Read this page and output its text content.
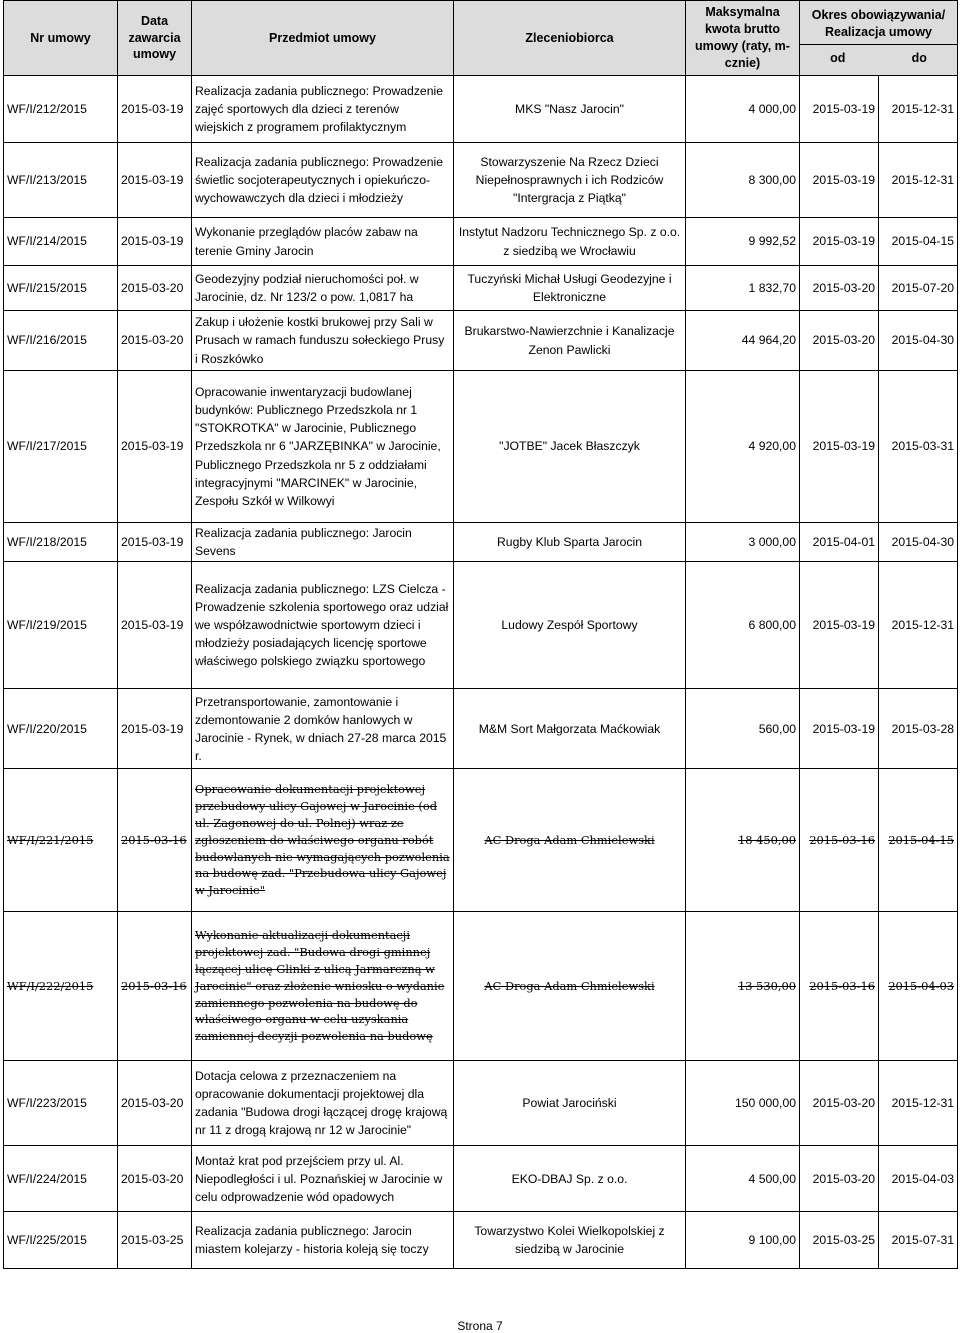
Nr umowy	Data zawarcia umowy	Przedmiot umowy	Zleceniobiorca	Maksymalna kwota brutto umowy (raty, m-cznie)	Okres obowiązywania/ Realizacja umowy
od do	

WF/I/212/2015	2015-03-19	Realizacja zadania publicznego: Prowadzenie zajęć sportowych dla dzieci z terenów wiejskich z programem profilaktycznym	MKS "Nasz Jarocin"	4 000,00	2015-03-19	2015-12-31
WF/I/213/2015	2015-03-19	Realizacja zadania publicznego: Prowadzenie świetlic socjoterapeutycznych i opiekuńczo-wychowawczych dla dzieci i młodzieży	Stowarzyszenie Na Rzecz Dzieci Niepełnosprawnych i ich Rodziców "Intergracja z Piątką"	8 300,00	2015-03-19	2015-12-31
WF/I/214/2015	2015-03-19	Wykonanie przeglądów placów zabaw na terenie Gminy Jarocin	Instytut Nadzoru Technicznego Sp. z o.o. z siedzibą we Wrocławiu	9 992,52	2015-03-19	2015-04-15
WF/I/215/2015	2015-03-20	Geodezyjny podział nieruchomości poł. w Jarocinie, dz. Nr 123/2 o pow. 1,0817 ha	Tuczyński Michał Usługi Geodezyjne i Elektroniczne	1 832,70	2015-03-20	2015-07-20
WF/I/216/2015	2015-03-20	Zakup i ułożenie kostki brukowej przy Sali w Prusach w ramach funduszu sołeckiego Prusy i Roszkówko	Brukarstwo-Nawierzchnie i Kanalizacje Zenon Pawlicki	44 964,20	2015-03-20	2015-04-30
WF/I/217/2015	2015-03-19	Opracowanie inwentaryzacji budowlanej budynków: Publicznego Przedszkola nr 1 "STOKROTKA" w Jarocinie, Publicznego Przedszkola nr 6 "JARZĘBINKA" w Jarocinie, Publicznego Przedszkola nr 5 z oddziałami integracyjnymi "MARCINEK" w Jarocinie, Zespołu Szkół w Wilkowyi	"JOTBE" Jacek Błaszczyk	4 920,00	2015-03-19	2015-03-31
WF/I/218/2015	2015-03-19	Realizacja zadania publicznego: Jarocin Sevens	Rugby Klub Sparta Jarocin	3 000,00	2015-04-01	2015-04-30
WF/I/219/2015	2015-03-19	Realizacja zadania publicznego: LZS Cielcza - Prowadzenie szkolenia sportowego oraz udział we współzawodnictwie sportowym dzieci i młodzieży posiadających licencję sportowe właściwego polskiego związku sportowego	Ludowy Zespół Sportowy	6 800,00	2015-03-19	2015-12-31
WF/I/220/2015	2015-03-19	Przetransportowanie, zamontowanie i zdemontowanie 2 domków hanlowych w Jarocinie - Rynek, w dniach 27-28 marca 2015 r.	M&M Sort Małgorzata Maćkowiak	560,00	2015-03-19	2015-03-28
WF/I/221/2015	2015-03-16	Opracowanie dokumentacji projektowej przebudowy ulicy Gajowej w Jarocinie (od ul. Zagonowej do ul. Polnej) wraz ze zgłoszeniem do właściwego organu robót budowlanych nie wymagających pozwolenia na budowę zad. "Przebudowa ulicy Gajowej w Jarocinie"	AC Droga Adam Chmielewski	18 450,00	2015-03-16	2015-04-15
WF/I/222/2015	2015-03-16	Wykonanie aktualizacji dokumentacji projektowej zad. "Budowa drogi gminnej łączącej ulicę Glinki z ulicą Jarmarczną w Jarocinie" oraz złożenie wniosku o wydanie zamiennego pozwolenia na budowę do właściwego organu w celu uzyskania zamiennej decyzji pozwolenia na budowę	AC Droga Adam Chmielewski	13 530,00	2015-03-16	2015-04-03
WF/I/223/2015	2015-03-20	Dotacja celowa z przeznaczeniem na opracowanie dokumentacji projektowej dla zadania "Budowa drogi łączącej drogę krajową nr 11 z drogą krajową nr 12 w Jarocinie"	Powiat Jarociński	150 000,00	2015-03-20	2015-12-31
WF/I/224/2015	2015-03-20	Montaż krat pod przejściem przy ul. Al. Niepodległości i ul. Poznańskiej w Jarocinie w celu odprowadzenie wód opadowych	EKO-DBAJ Sp. z o.o.	4 500,00	2015-03-20	2015-04-03
WF/I/225/2015	2015-03-25	Realizacja zadania publicznego: Jarocin miastem kolejarzy - historia koleją się toczy	Towarzystwo Kolei Wielkopolskiej z siedzibą w Jarocinie	9 100,00	2015-03-25	2015-07-31
Strona 7
